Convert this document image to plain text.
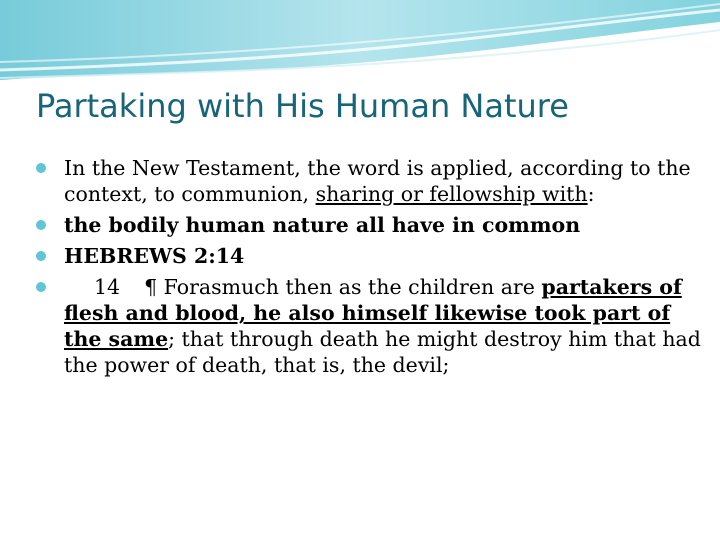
Partaking with His Human Nature
In the New Testament, the word is applied, according to the context, to communion, sharing or fellowship with:
the bodily human nature all have in common
HEBREWS 2:14
14 ¶ Forasmuch then as the children are partakers of flesh and blood, he also himself likewise took part of the same; that through death he might destroy him that had the power of death, that is, the devil;
